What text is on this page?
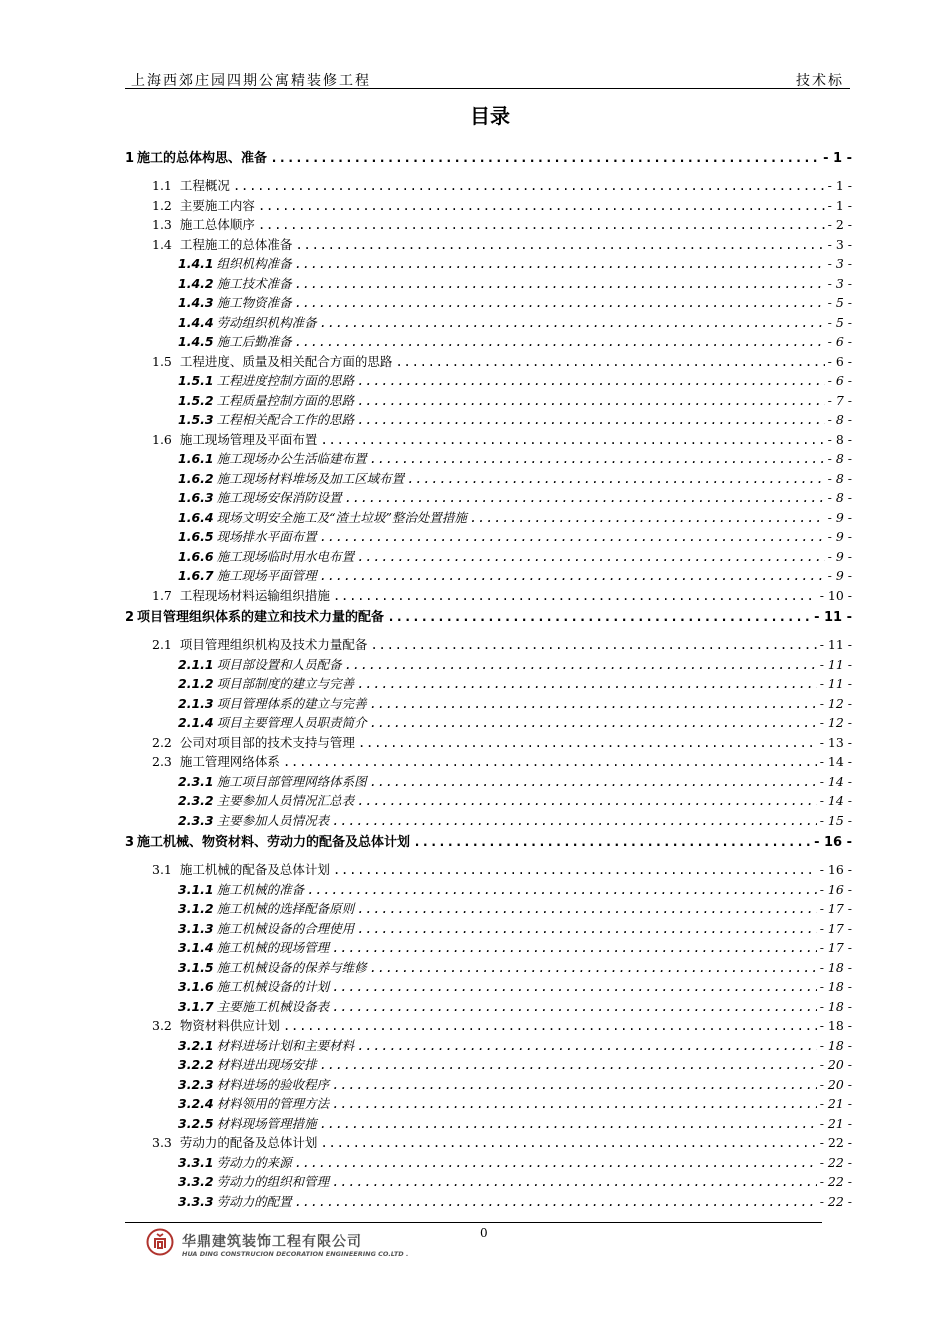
上海西郊庄园四期公寓精装修工程	技术标
目录
1 施工的总体构思、准备 .....	- 1 -
1.1 工程概况 .....	- 1 -
1.2 主要施工内容 .....	- 1 -
1.3 施工总体顺序 .....	- 2 -
1.4 工程施工的总体准备 .....	- 3 -
1.4.1 组织机构准备 .....	- 3 -
1.4.2 施工技术准备 .....	- 3 -
1.4.3 施工物资准备 .....	- 5 -
1.4.4 劳动组织机构准备 .....	- 5 -
1.4.5 施工后勤准备 .....	- 6 -
1.5 工程进度、质量及相关配合方面的思路 .....	- 6 -
1.5.1 工程进度控制方面的思路 .....	- 6 -
1.5.2 工程质量控制方面的思路 .....	- 7 -
1.5.3 工程相关配合工作的思路 .....	- 8 -
1.6 施工现场管理及平面布置 .....	- 8 -
1.6.1 施工现场办公生活临建布置 .....	- 8 -
1.6.2 施工现场材料堆场及加工区域布置 .....	- 8 -
1.6.3 施工现场安保消防设置 .....	- 8 -
1.6.4 现场文明安全施工及“渣土垃圾”整治处置措施 .....	- 9 -
1.6.5 现场排水平面布置 .....	- 9 -
1.6.6 施工现场临时用水电布置 .....	- 9 -
1.6.7 施工现场平面管理 .....	- 9 -
1.7 工程现场材料运输组织措施 .....	- 10 -
2 项目管理组织体系的建立和技术力量的配备 .....	- 11 -
2.1 项目管理组织机构及技术力量配备 .....	- 11 -
2.1.1 项目部设置和人员配备 .....	- 11 -
2.1.2 项目部制度的建立与完善 .....	- 11 -
2.1.3 项目管理体系的建立与完善 .....	- 12 -
2.1.4 项目主要管理人员职责简介 .....	- 12 -
2.2 公司对项目部的技术支持与管理 .....	- 13 -
2.3 施工管理网络体系 .....	- 14 -
2.3.1 施工项目部管理网络体系图 .....	- 14 -
2.3.2 主要参加人员情况汇总表 .....	- 14 -
2.3.3 主要参加人员情况表 .....	- 15 -
3 施工机械、物资材料、劳动力的配备及总体计划 .....	- 16 -
3.1 施工机械的配备及总体计划 .....	- 16 -
3.1.1 施工机械的准备 .....	- 16 -
3.1.2 施工机械的选择配备原则 .....	- 17 -
3.1.3 施工机械设备的合理使用 .....	- 17 -
3.1.4 施工机械的现场管理 .....	- 17 -
3.1.5 施工机械设备的保养与维修 .....	- 18 -
3.1.6 施工机械设备的计划 .....	- 18 -
3.1.7 主要施工机械设备表 .....	- 18 -
3.2 物资材料供应计划 .....	- 18 -
3.2.1 材料进场计划和主要材料 .....	- 18 -
3.2.2 材料进出现场安排 .....	- 20 -
3.2.3 材料进场的验收程序 .....	- 20 -
3.2.4 材料领用的管理方法 .....	- 21 -
3.2.5 材料现场管理措施 .....	- 21 -
3.3 劳动力的配备及总体计划 .....	- 22 -
3.3.1 劳动力的来源 .....	- 22 -
3.3.2 劳动力的组织和管理 .....	- 22 -
3.3.3 劳动力的配置 .....	- 22 -
0
华鼎建筑装饰工程有限公司
HUA DING CONSTRUCION DECORATION ENGINEERING CO.LTD .
